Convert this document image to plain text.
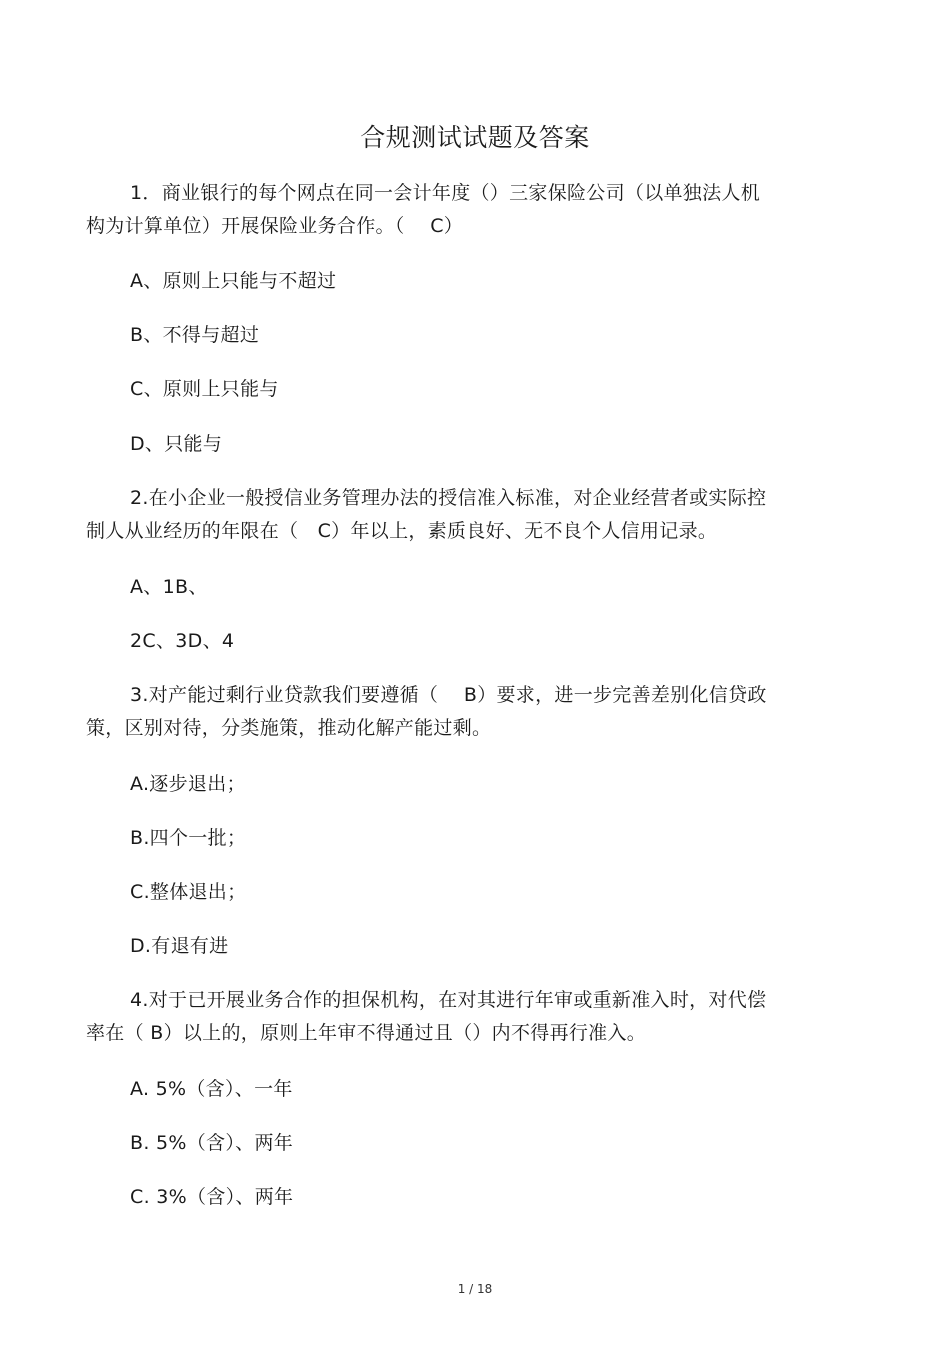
合规测试试题及答案
1．商业银行的每个网点在同一会计年度（）三家保险公司（以单独法人机
构为计算单位）开展保险业务合作。（　 C）
A、原则上只能与不超过
B、不得与超过
C、原则上只能与
D、只能与
2.在小企业一般授信业务管理办法的授信准入标准，对企业经营者或实际控
制人从业经历的年限在（　C）年以上，素质良好、无不良个人信用记录。
A、1B、
2C、3D、4
3.对产能过剩行业贷款我们要遵循（　 B）要求，进一步完善差别化信贷政
策，区别对待，分类施策，推动化解产能过剩。
A.逐步退出；
B.四个一批；
C.整体退出；
D.有退有进
4.对于已开展业务合作的担保机构，在对其进行年审或重新准入时，对代偿
率在（ B）以上的，原则上年审不得通过且（）内不得再行准入。
A. 5%（含）、一年
B. 5%（含）、两年
C. 3%（含）、两年
1 / 18
